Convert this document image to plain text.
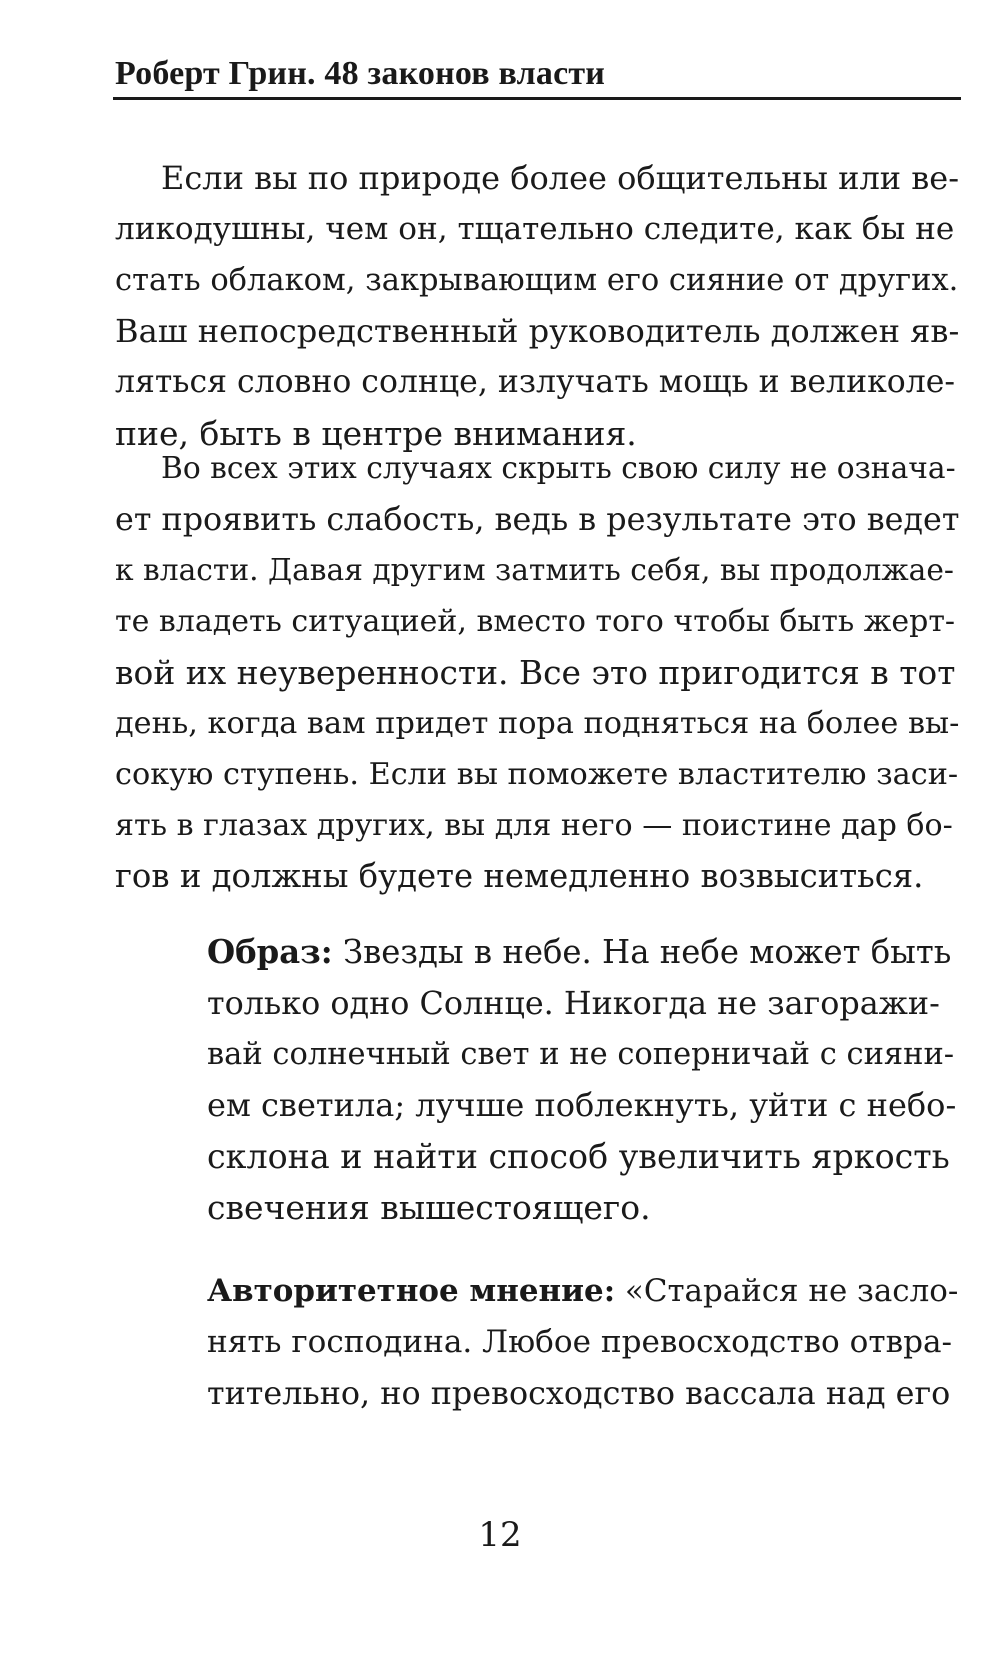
Роберт Грин. 48 законов власти
Если вы по природе более общительны или ве-
ликодушны, чем он, тщательно следите, как бы не
стать облаком, закрывающим его сияние от других.
Ваш непосредственный руководитель должен яв-
ляться словно солнце, излучать мощь и великоле-
пие, быть в центре внимания.
Во всех этих случаях скрыть свою силу не означа-
ет проявить слабость, ведь в результате это ведет
к власти. Давая другим затмить себя, вы продолжае-
те владеть ситуацией, вместо того чтобы быть жерт-
вой их неуверенности. Все это пригодится в тот
день, когда вам придет пора подняться на более вы-
сокую ступень. Если вы поможете властителю заси-
ять в глазах других, вы для него — поистине дар бо-
гов и должны будете немедленно возвыситься.
Образ: Звезды в небе. На небе может быть
только одно Солнце. Никогда не загоражи-
вай солнечный свет и не соперничай с сияни-
ем светила; лучше поблекнуть, уйти с небо-
склона и найти способ увеличить яркость
свечения вышестоящего.
Авторитетное мнение: «Старайся не засло-
нять господина. Любое превосходство отвра-
тительно, но превосходство вассала над его
12
